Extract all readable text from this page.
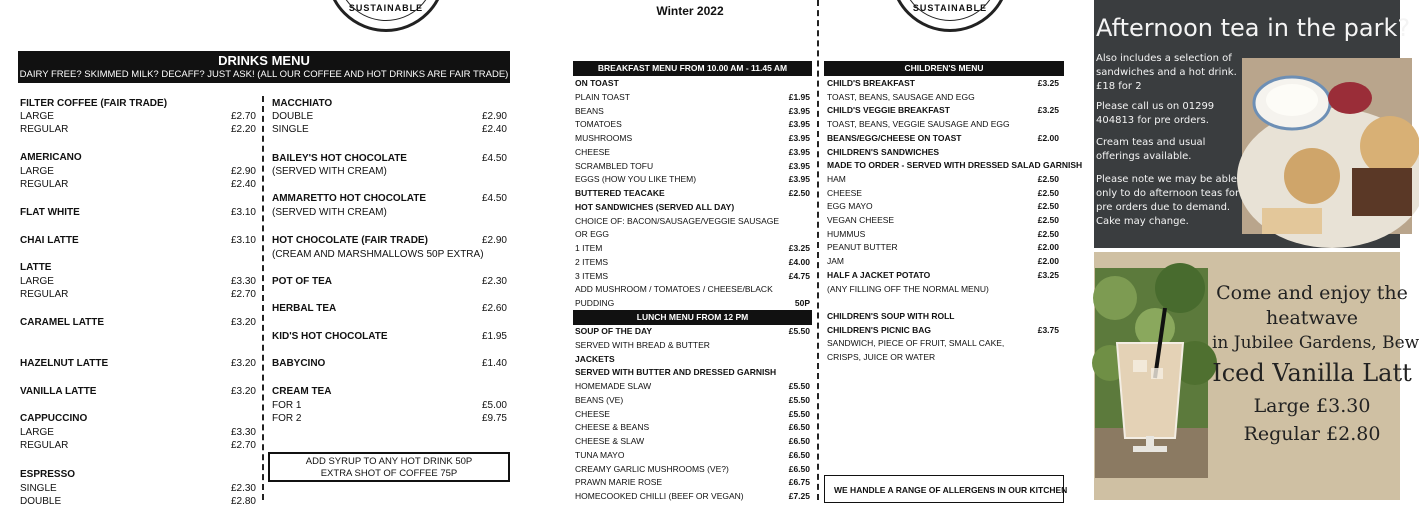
SUSTAINABLE	SUSTAINABLE
DRINKS MENU
DAIRY FREE? SKIMMED MILK? DECAFF? JUST ASK! (ALL OUR COFFEE AND HOT DRINKS ARE FAIR TRADE)
FILTER COFFEE (FAIR TRADE)
LARGE	£2.70
REGULAR	£2.20
AMERICANO
LARGE	£2.90
REGULAR	£2.40
FLAT WHITE	£3.10
CHAI LATTE	£3.10
LATTE
LARGE	£3.30
REGULAR	£2.70
CARAMEL LATTE	£3.20
HAZELNUT LATTE	£3.20
VANILLA LATTE	£3.20
CAPPUCCINO
LARGE	£3.30
REGULAR	£2.70
ESPRESSO
SINGLE	£2.30
DOUBLE	£2.80
MACCHIATO
DOUBLE	£2.90
SINGLE	£2.40
BAILEY'S HOT CHOCOLATE	£4.50
(SERVED WITH CREAM)
AMMARETTO HOT CHOCOLATE	£4.50
(SERVED WITH CREAM)
HOT CHOCOLATE (FAIR TRADE)	£2.90
(CREAM AND MARSHMALLOWS 50P EXTRA)
POT OF TEA	£2.30
HERBAL TEA	£2.60
KID'S HOT CHOCOLATE	£1.95
BABYCINO	£1.40
CREAM TEA
FOR 1	£5.00
FOR 2	£9.75
ADD SYRUP TO ANY HOT DRINK 50P
EXTRA SHOT OF COFFEE 75P
Winter 2022
BREAKFAST MENU FROM 10.00 AM - 11.45 AM
ON TOAST
PLAIN TOAST	£1.95
BEANS	£3.95
TOMATOES	£3.95
MUSHROOMS	£3.95
CHEESE	£3.95
SCRAMBLED TOFU	£3.95
EGGS (HOW YOU LIKE THEM)	£3.95
BUTTERED TEACAKE	£2.50
HOT SANDWICHES (SERVED ALL DAY)
CHOICE OF: BACON/SAUSAGE/VEGGIE SAUSAGE
OR EGG
1 ITEM	£3.25
2 ITEMS	£4.00
3 ITEMS	£4.75
ADD MUSHROOM / TOMATOES / CHEESE/BLACK
PUDDING	50P
LUNCH MENU FROM 12 PM
SOUP OF THE DAY	£5.50
SERVED WITH BREAD & BUTTER
JACKETS
SERVED WITH BUTTER AND DRESSED GARNISH
HOMEMADE SLAW	£5.50
BEANS (VE)	£5.50
CHEESE	£5.50
CHEESE & BEANS	£6.50
CHEESE & SLAW	£6.50
TUNA MAYO	£6.50
CREAMY GARLIC MUSHROOMS (VE?)	£6.50
PRAWN MARIE ROSE	£6.75
HOMECOOKED CHILLI (BEEF OR VEGAN)	£7.25
CHILDREN'S MENU
CHILD'S BREAKFAST	£3.25
TOAST, BEANS, SAUSAGE AND EGG
CHILD'S VEGGIE BREAKFAST	£3.25
TOAST, BEANS, VEGGIE SAUSAGE AND EGG
BEANS/EGG/CHEESE ON TOAST	£2.00
CHILDREN'S SANDWICHES
MADE TO ORDER - SERVED WITH DRESSED SALAD GARNISH
HAM	£2.50
CHEESE	£2.50
EGG MAYO	£2.50
VEGAN CHEESE	£2.50
HUMMUS	£2.50
PEANUT BUTTER	£2.00
JAM	£2.00
HALF A JACKET POTATO	£3.25
(ANY FILLING OFF THE NORMAL MENU)
CHILDREN'S SOUP WITH ROLL
CHILDREN'S PICNIC BAG	£3.75
SANDWICH, PIECE OF FRUIT, SMALL CAKE,
CRISPS, JUICE OR WATER
WE HANDLE A RANGE OF ALLERGENS IN OUR KITCHEN
Afternoon tea in the park?
Also includes a selection of sandwiches and a hot drink. £18 for 2
Please call us on 01299 404813 for pre orders.
Cream teas and usual offerings available.
Please note we may be able only to do afternoon teas for pre orders due to demand. Cake may change.
Come and enjoy the
heatwave
in Jubilee Gardens, Bew
Iced Vanilla Latt
Large £3.30
Regular £2.80
